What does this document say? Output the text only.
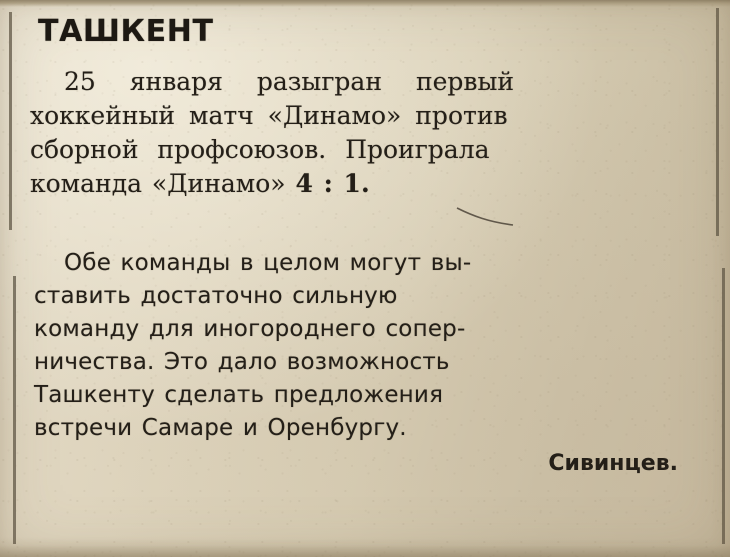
ТАШКЕНТ
25 января разыгран первый
хоккейный матч «Динамо» против
сборной профсоюзов. Проиграла
команда «Динамо» 4 : 1.
Обе команды в целом могут вы-
ставить достаточно сильную
команду для иногороднего сопер-
ничества. Это дало возможность
Ташкенту сделать предложения
встречи Самаре и Оренбургу.
Сивинцев.
